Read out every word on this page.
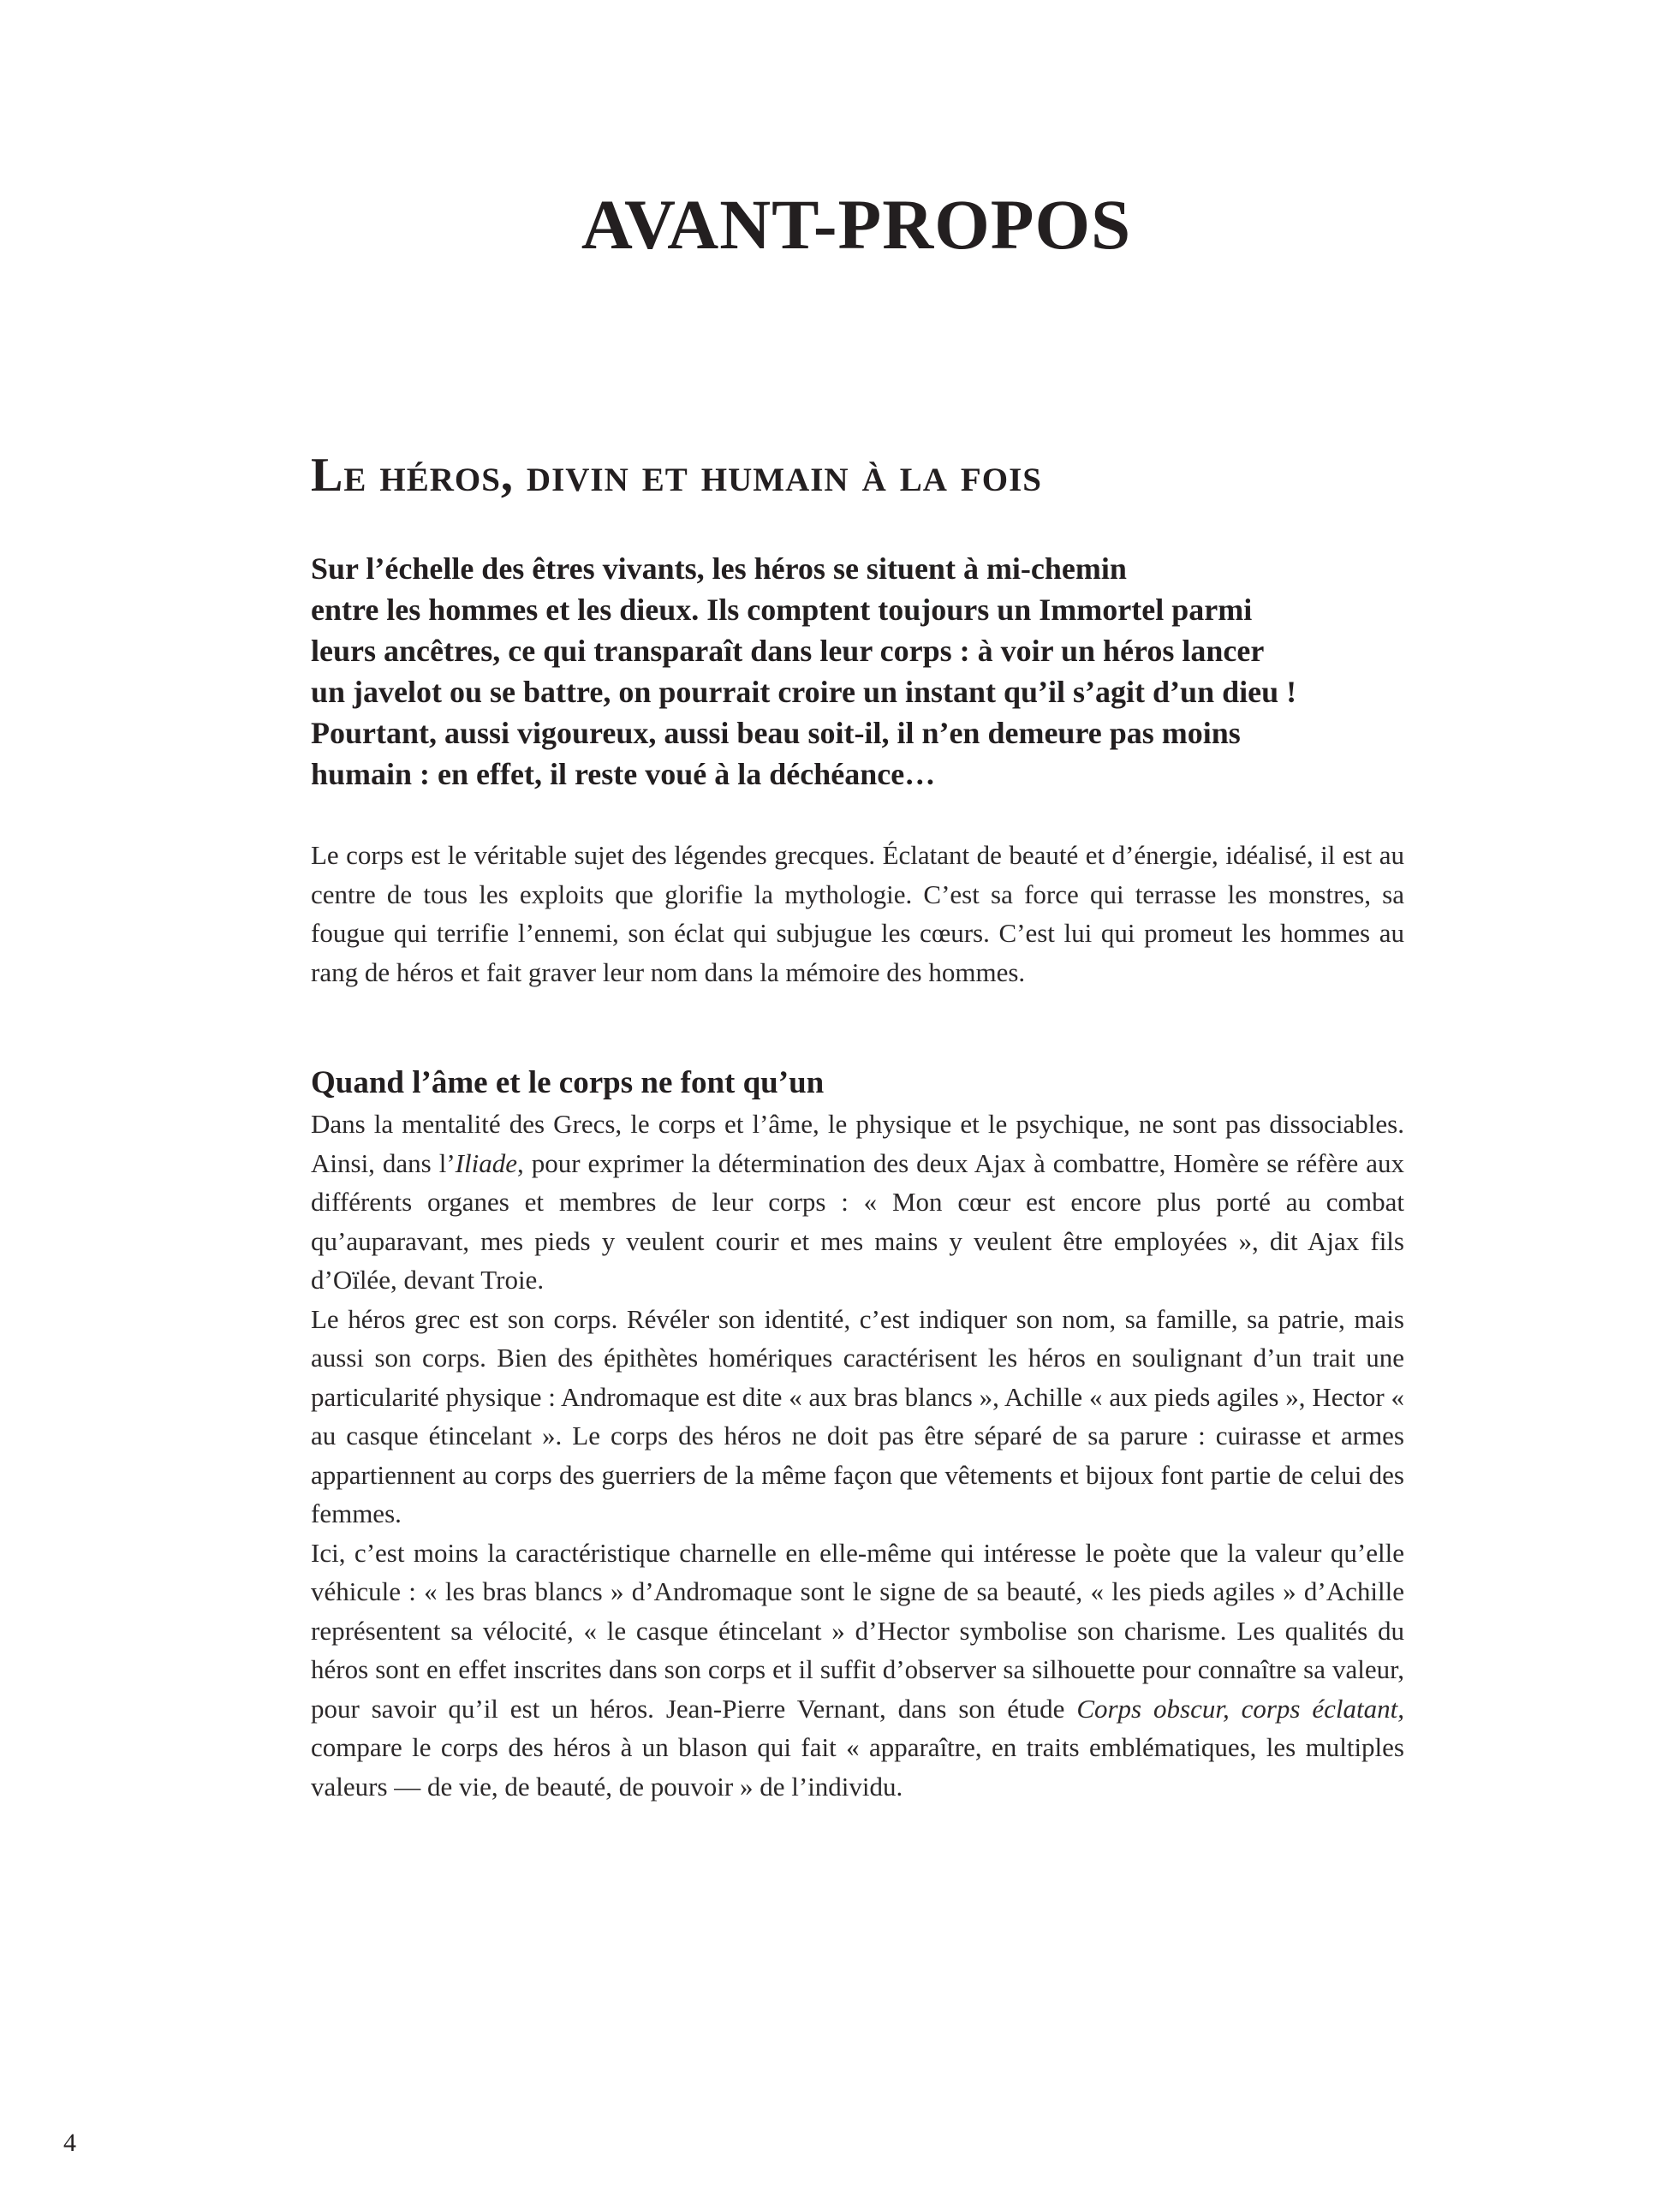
AVANT-PROPOS
Le héros, divin et humain à la fois
Sur l’échelle des êtres vivants, les héros se situent à mi-chemin
entre les hommes et les dieux. Ils comptent toujours un Immortel parmi
leurs ancêtres, ce qui transparaît dans leur corps : à voir un héros lancer
un javelot ou se battre, on pourrait croire un instant qu’il s’agit d’un dieu !
Pourtant, aussi vigoureux, aussi beau soit-il, il n’en demeure pas moins
humain : en effet, il reste voué à la déchéance…

Le corps est le véritable sujet des légendes grecques. Éclatant de beauté et d’énergie, idéalisé, il est au centre de tous les exploits que glorifie la mythologie. C’est sa force qui terrasse les monstres, sa fougue qui terrifie l’ennemi, son éclat qui subjugue les cœurs. C’est lui qui promeut les hommes au rang de héros et fait graver leur nom dans la mémoire des hommes.

Quand l’âme et le corps ne font qu’un

Dans la mentalité des Grecs, le corps et l’âme, le physique et le psychique, ne sont pas dissociables. Ainsi, dans l’Iliade, pour exprimer la détermination des deux Ajax à combattre, Homère se réfère aux différents organes et membres de leur corps : « Mon cœur est encore plus porté au combat qu’auparavant, mes pieds y veulent courir et mes mains y veulent être employées », dit Ajax fils d’Oïlée, devant Troie.

Le héros grec est son corps. Révéler son identité, c’est indiquer son nom, sa famille, sa patrie, mais aussi son corps. Bien des épithètes homériques caractérisent les héros en soulignant d’un trait une particularité physique : Andromaque est dite « aux bras blancs », Achille « aux pieds agiles », Hector « au casque étincelant ». Le corps des héros ne doit pas être séparé de sa parure : cuirasse et armes appartiennent au corps des guerriers de la même façon que vêtements et bijoux font partie de celui des femmes.

Ici, c’est moins la caractéristique charnelle en elle-même qui intéresse le poète que la valeur qu’elle véhicule : « les bras blancs » d’Andromaque sont le signe de sa beauté, « les pieds agiles » d’Achille représentent sa vélocité, « le casque étincelant » d’Hector symbolise son charisme. Les qualités du héros sont en effet inscrites dans son corps et il suffit d’observer sa silhouette pour connaître sa valeur, pour savoir qu’il est un héros. Jean-Pierre Vernant, dans son étude Corps obscur, corps éclatant, compare le corps des héros à un blason qui fait « apparaître, en traits emblématiques, les multiples valeurs — de vie, de beauté, de pouvoir » de l’individu.

4
